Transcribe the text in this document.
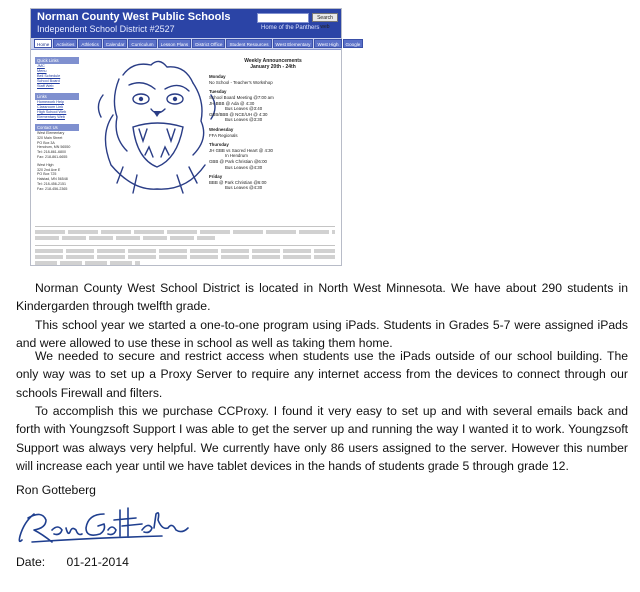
Norman County West Public Schools
Independent School District #2527	Home of the Panthers
Search web
Home	Activities	Athletics	Calendar	Curriculum	Lesson Plans	District Office	Student Resources	West Elementary	West High	Google
Quick Links
JMC
Menu
Bell Schedule
School Board
Staff Web
Links
Homework Help
Classroom Link
High School Web
Elementary Web
Contact Us
West Elementary
320 Main Street
PO Box 3A
Hendrum, MN 56550
Tel: 218-861-6800
Fax: 218-861-6655
West High
320 2nd Ave E
PO Box 725
Halstad, MN 56548
Tel: 218-456-2151
Fax: 218-456-2365
Weekly Announcements
January 20th - 24th
Monday
No School - Teacher's Workshop
Tuesday
School Board Meeting @7:00 am
JH BBB @ Ada @ 4:30
Bus Leaves @3:40
GBB/BBB @ NCE/UH @ 4:30
Bus Leaves @3:30
Wednesday
FFA Regionals
Thursday
JH GBB vs Sacred Heart @ 4:30
In Hendrum
GBB @ Park Christian @6:00
Bus Leaves @4:30
Friday
BBB @ Park Christian @6:00
Bus Leaves @4:30
Norman County West School District is located in North West Minnesota. We have about 290 students in Kindergarden through twelfth grade.
This school year we started a one-to-one program using iPads. Students in Grades 5-7 were assigned iPads and were allowed to use these in school as well as taking them home.
We needed to secure and restrict access when students use the iPads outside of our school building. The only way was to set up a Proxy Server to require any internet access from the devices to connect through our schools Firewall and filters.
To accomplish this we purchase CCProxy. I found it very easy to set up and with several emails back and forth with Youngzsoft Support I was able to get the server up and running the way I wanted it to work. Youngzsoft Support was always very helpful. We currently have only 86 users assigned to the server. However this number will increase each year until we have tablet devices in the hands of students grade 5 through grade 12.
Ron Gotteberg
Date: 01-21-2014
